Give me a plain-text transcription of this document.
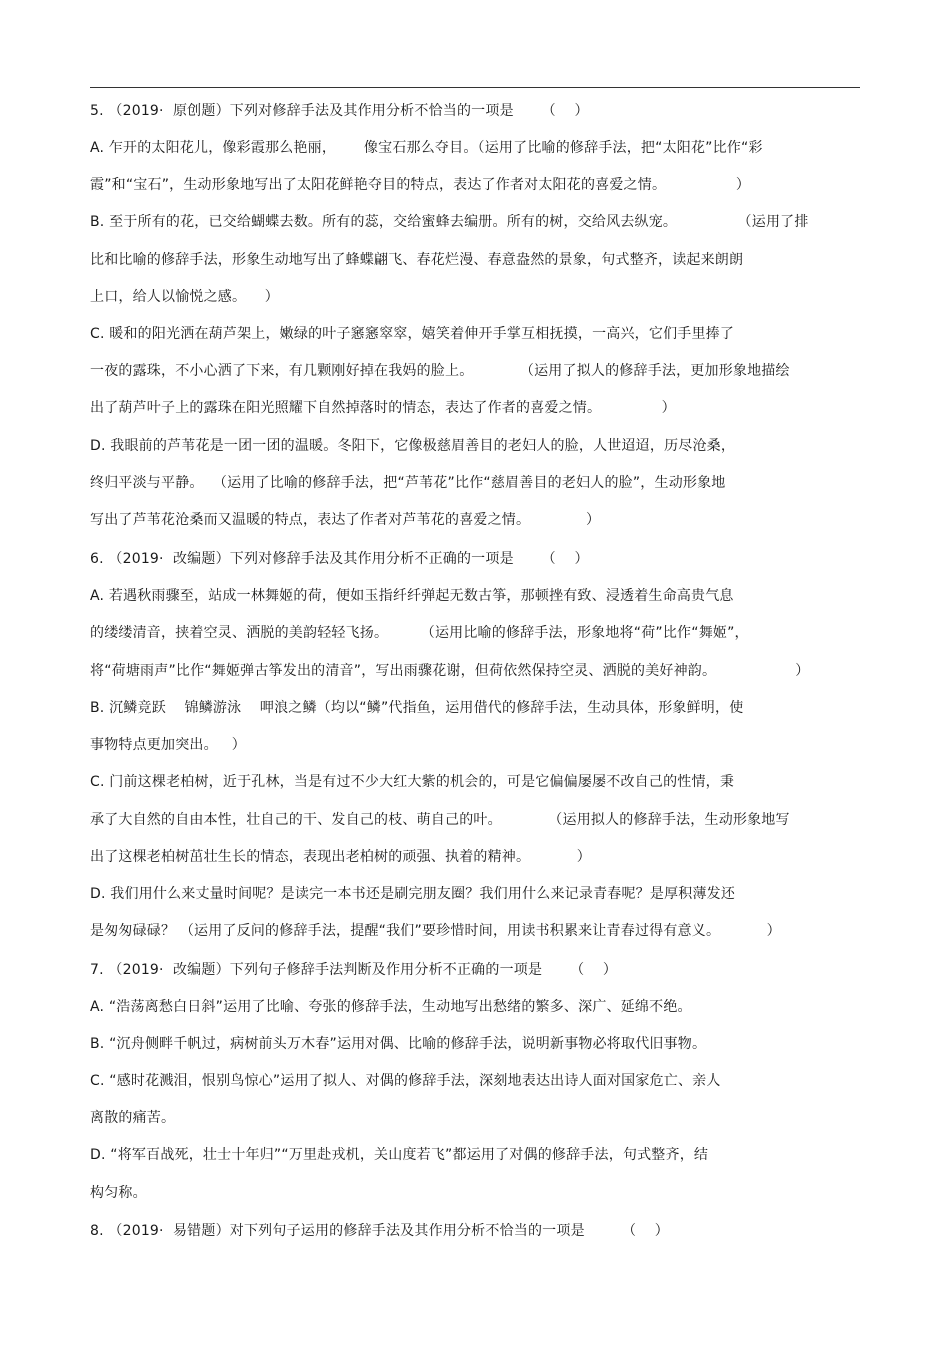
5. （2019·  原创题）下列对修辞手法及其作用分析不恰当的一项是      （    ）
A. 乍开的太阳花儿，像彩霞那么艳丽，      像宝石那么夺目。（运用了比喻的修辞手法，把“太阳花”比作“彩
霞”和“宝石”，生动形象地写出了太阳花鲜艳夺目的特点，表达了作者对太阳花的喜爱之情。               ）
B. 至于所有的花，已交给蝴蝶去数。所有的蕊，交给蜜蜂去编册。所有的树，交给风去纵宠。             （运用了排
比和比喻的修辞手法，形象生动地写出了蜂蝶翩飞、春花烂漫、春意盎然的景象，句式整齐，读起来朗朗
上口，给人以愉悦之感。    ）
C. 暖和的阳光洒在葫芦架上，嫩绿的叶子窸窸窣窣，嬉笑着伸开手掌互相抚摸，一高兴，它们手里捧了
一夜的露珠，不小心洒了下来，有几颗刚好掉在我妈的脸上。          （运用了拟人的修辞手法，更加形象地描绘
出了葫芦叶子上的露珠在阳光照耀下自然掉落时的情态，表达了作者的喜爱之情。             ）
D. 我眼前的芦苇花是一团一团的温暖。冬阳下，它像极慈眉善目的老妇人的脸，人世迢迢，历尽沧桑，
终归平淡与平静。  （运用了比喻的修辞手法，把“芦苇花”比作“慈眉善目的老妇人的脸”，生动形象地
写出了芦苇花沧桑而又温暖的特点，表达了作者对芦苇花的喜爱之情。            ）
6. （2019·  改编题）下列对修辞手法及其作用分析不正确的一项是      （    ）
A. 若遇秋雨骤至，站成一林舞姬的荷，便如玉指纤纤弹起无数古筝，那顿挫有致、浸透着生命高贵气息
的缕缕清音，挟着空灵、洒脱的美韵轻轻飞扬。       （运用比喻的修辞手法，形象地将“荷”比作“舞姬”，
将“荷塘雨声”比作“舞姬弹古筝发出的清音”，写出雨骤花谢，但荷依然保持空灵、洒脱的美好神韵。                 ）
B. 沉鳞竞跃    锦鳞游泳    呷浪之鳞（均以“鳞”代指鱼，运用借代的修辞手法，生动具体，形象鲜明，使
事物特点更加突出。   ）
C. 门前这棵老柏树，近于孔林，当是有过不少大红大紫的机会的，可是它偏偏屡屡不改自己的性情，秉
承了大自然的自由本性，壮自己的干、发自己的枝、萌自己的叶。          （运用拟人的修辞手法，生动形象地写
出了这棵老柏树茁壮生长的情态，表现出老柏树的顽强、执着的精神。          ）
D. 我们用什么来丈量时间呢？是读完一本书还是刷完朋友圈？我们用什么来记录青春呢？是厚积薄发还
是匆匆碌碌？ （运用了反问的修辞手法，提醒“我们”要珍惜时间，用读书积累来让青春过得有意义。          ）
7. （2019·  改编题）下列句子修辞手法判断及作用分析不正确的一项是      （    ）
A. “浩荡离愁白日斜”运用了比喻、夸张的修辞手法，生动地写出愁绪的繁多、深广、延绵不绝。
B. “沉舟侧畔千帆过，病树前头万木春”运用对偶、比喻的修辞手法，说明新事物必将取代旧事物。
C. “感时花溅泪，恨别鸟惊心”运用了拟人、对偶的修辞手法，深刻地表达出诗人面对国家危亡、亲人
离散的痛苦。
D. “将军百战死，壮士十年归”“万里赴戎机，关山度若飞”都运用了对偶的修辞手法，句式整齐，结
构匀称。
8. （2019·  易错题）对下列句子运用的修辞手法及其作用分析不恰当的一项是        （    ）
